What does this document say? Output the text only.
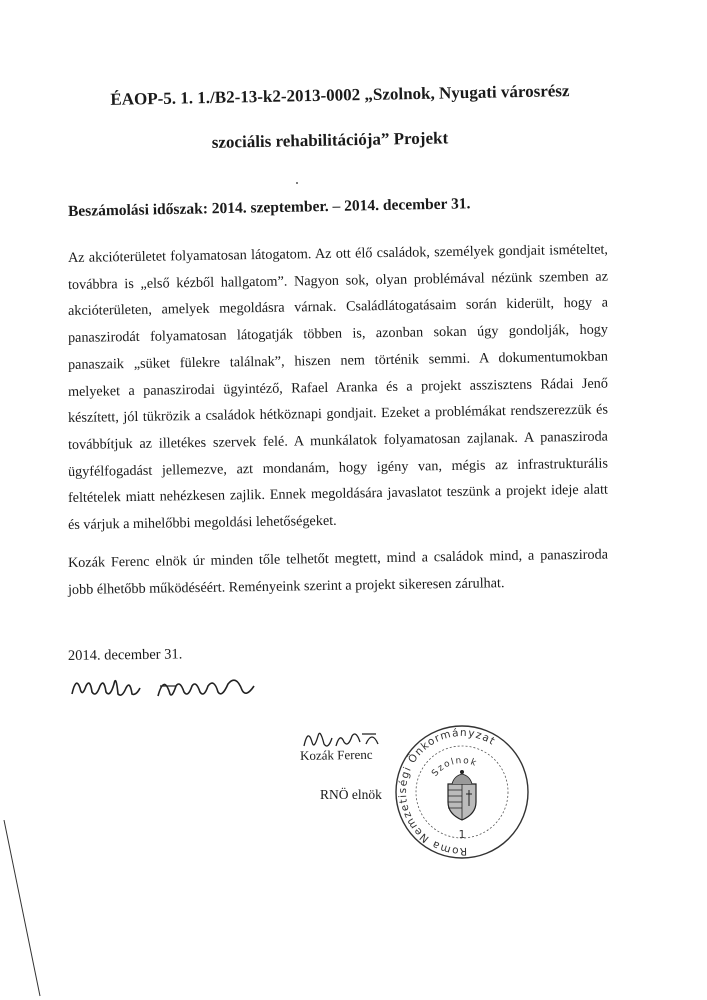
ÉAOP-5. 1. 1./B2-13-k2-2013-0002 „Szolnok, Nyugati városrész
szociális rehabilitációja” Projekt
Beszámolási időszak: 2014. szeptember. – 2014. december 31.
Az akcióterületet folyamatosan látogatom. Az ott élő családok, személyek gondjait ismételtet,
továbbra is „első kézből hallgatom”. Nagyon sok, olyan problémával nézünk szemben az
akcióterületen, amelyek megoldásra várnak. Családlátogatásaim során kiderült, hogy a
panaszirodát folyamatosan látogatják többen is, azonban sokan úgy gondolják, hogy
panaszaik „süket fülekre találnak”, hiszen nem történik semmi. A dokumentumokban
melyeket a panaszirodai ügyintéző, Rafael Aranka és a projekt asszisztens Rádai Jenő
készített, jól tükrözik a családok hétköznapi gondjait. Ezeket a problémákat rendszerezzük és
továbbítjuk az illetékes szervek felé. A munkálatok folyamatosan zajlanak. A panasziroda
ügyfélfogadást jellemezve, azt mondanám, hogy igény van, mégis az infrastrukturális
feltételek miatt nehézkesen zajlik. Ennek megoldására javaslatot teszünk a projekt ideje alatt
és várjuk a mihelőbbi megoldási lehetőségeket.
Kozák Ferenc elnök úr minden tőle telhetőt megtett, mind a családok mind, a panasziroda
jobb élhetőbb működéséért. Reményeink szerint a projekt sikeresen zárulhat.
2014. december 31.
Kozák Ferenc
RNÖ elnök
Roma Nemzetiségi Önkormányzat
Szolnok
1
